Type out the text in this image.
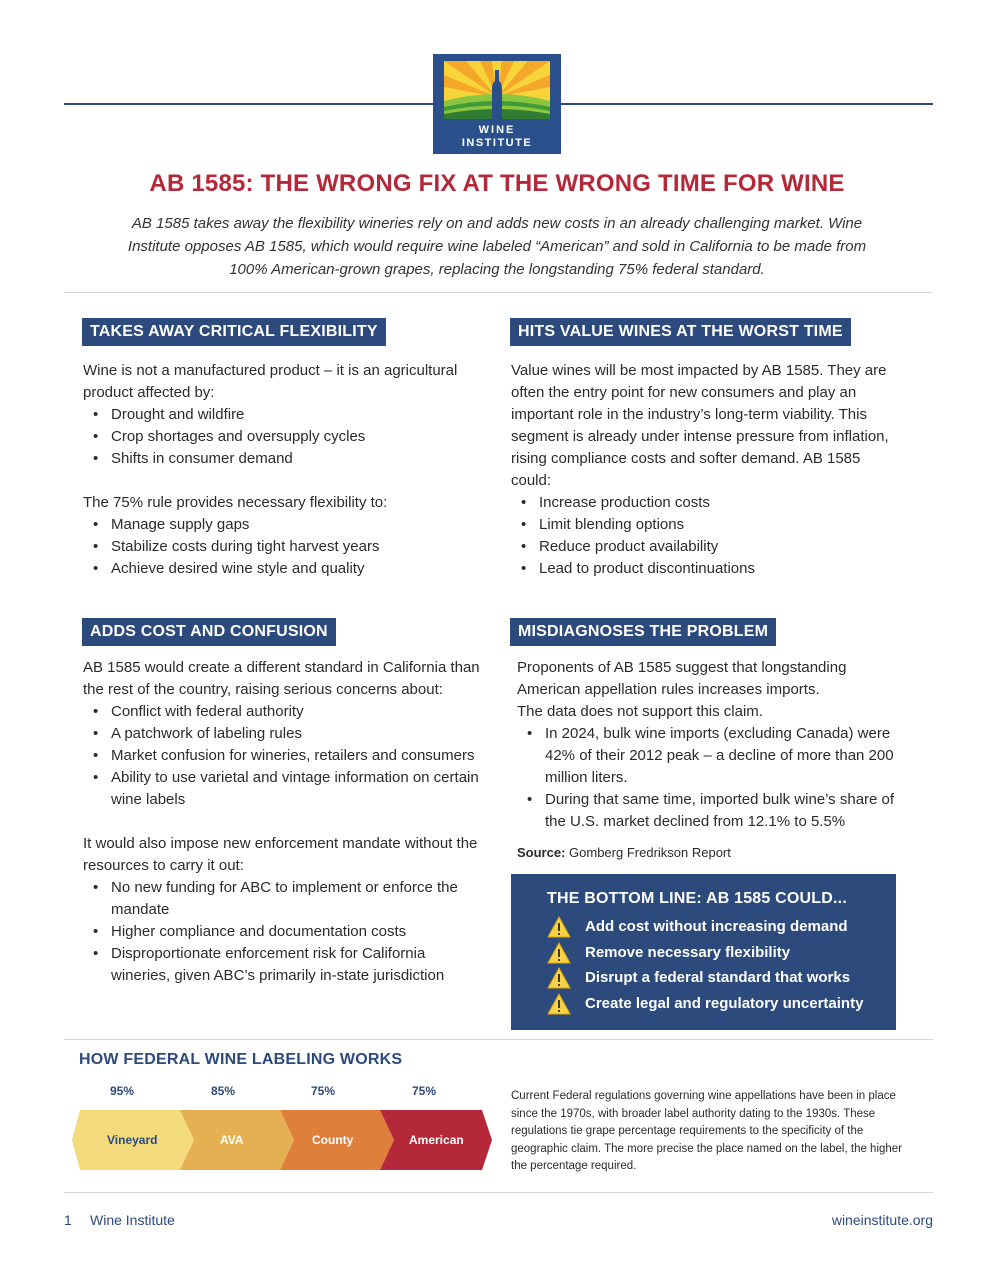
WINE
INSTITUTE
AB 1585: THE WRONG FIX AT THE WRONG TIME FOR WINE
AB 1585 takes away the flexibility wineries rely on and adds new costs in an already challenging market. Wine Institute opposes AB 1585, which would require wine labeled “American” and sold in California to be made from 100% American-grown grapes, replacing the longstanding 75% federal standard.
TAKES AWAY CRITICAL FLEXIBILITY

Wine is not a manufactured product – it is an agricultural product affected by:

• Drought and wildfire
• Crop shortages and oversupply cycles
• Shifts in consumer demand

The 75% rule provides necessary flexibility to:

• Manage supply gaps
• Stabilize costs during tight harvest years
• Achieve desired wine style and quality
HITS VALUE WINES AT THE WORST TIME

Value wines will be most impacted by AB 1585. They are often the entry point for new consumers and play an important role in the industry’s long-term viability. This segment is already under intense pressure from inflation, rising compliance costs and softer demand. AB 1585 could:

• Increase production costs
• Limit blending options
• Reduce product availability
• Lead to product discontinuations
ADDS COST AND CONFUSION

AB 1585 would create a different standard in California than the rest of the country, raising serious concerns about:

• Conflict with federal authority
• A patchwork of labeling rules
• Market confusion for wineries, retailers and consumers
• Ability to use varietal and vintage information on certain wine labels

It would also impose new enforcement mandate without the resources to carry it out:

• No new funding for ABC to implement or enforce the mandate
• Higher compliance and documentation costs
• Disproportionate enforcement risk for California wineries, given ABC’s primarily in-state jurisdiction
MISDIAGNOSES THE PROBLEM

Proponents of AB 1585 suggest that longstanding American appellation rules increases imports.

The data does not support this claim.

• In 2024, bulk wine imports (excluding Canada) were 42% of their 2012 peak – a decline of more than 200 million liters.
• During that same time, imported bulk wine’s share of the U.S. market declined from 12.1% to 5.5%
Source: Gomberg Fredrikson Report
THE BOTTOM LINE: AB 1585 COULD...
Add cost without increasing demand
Remove necessary flexibility
Disrupt a federal standard that works
Create legal and regulatory uncertainty
HOW FEDERAL WINE LABELING WORKS
95%	85%	75%	75%
Vineyard	AVA	County	American
Current Federal regulations governing wine appellations have been in place since the 1970s, with broader label authority dating to the 1930s. These regulations tie grape percentage requirements to the specificity of the geographic claim. The more precise the place named on the label, the higher the percentage required.
1 Wine Institute	wineinstitute.org
